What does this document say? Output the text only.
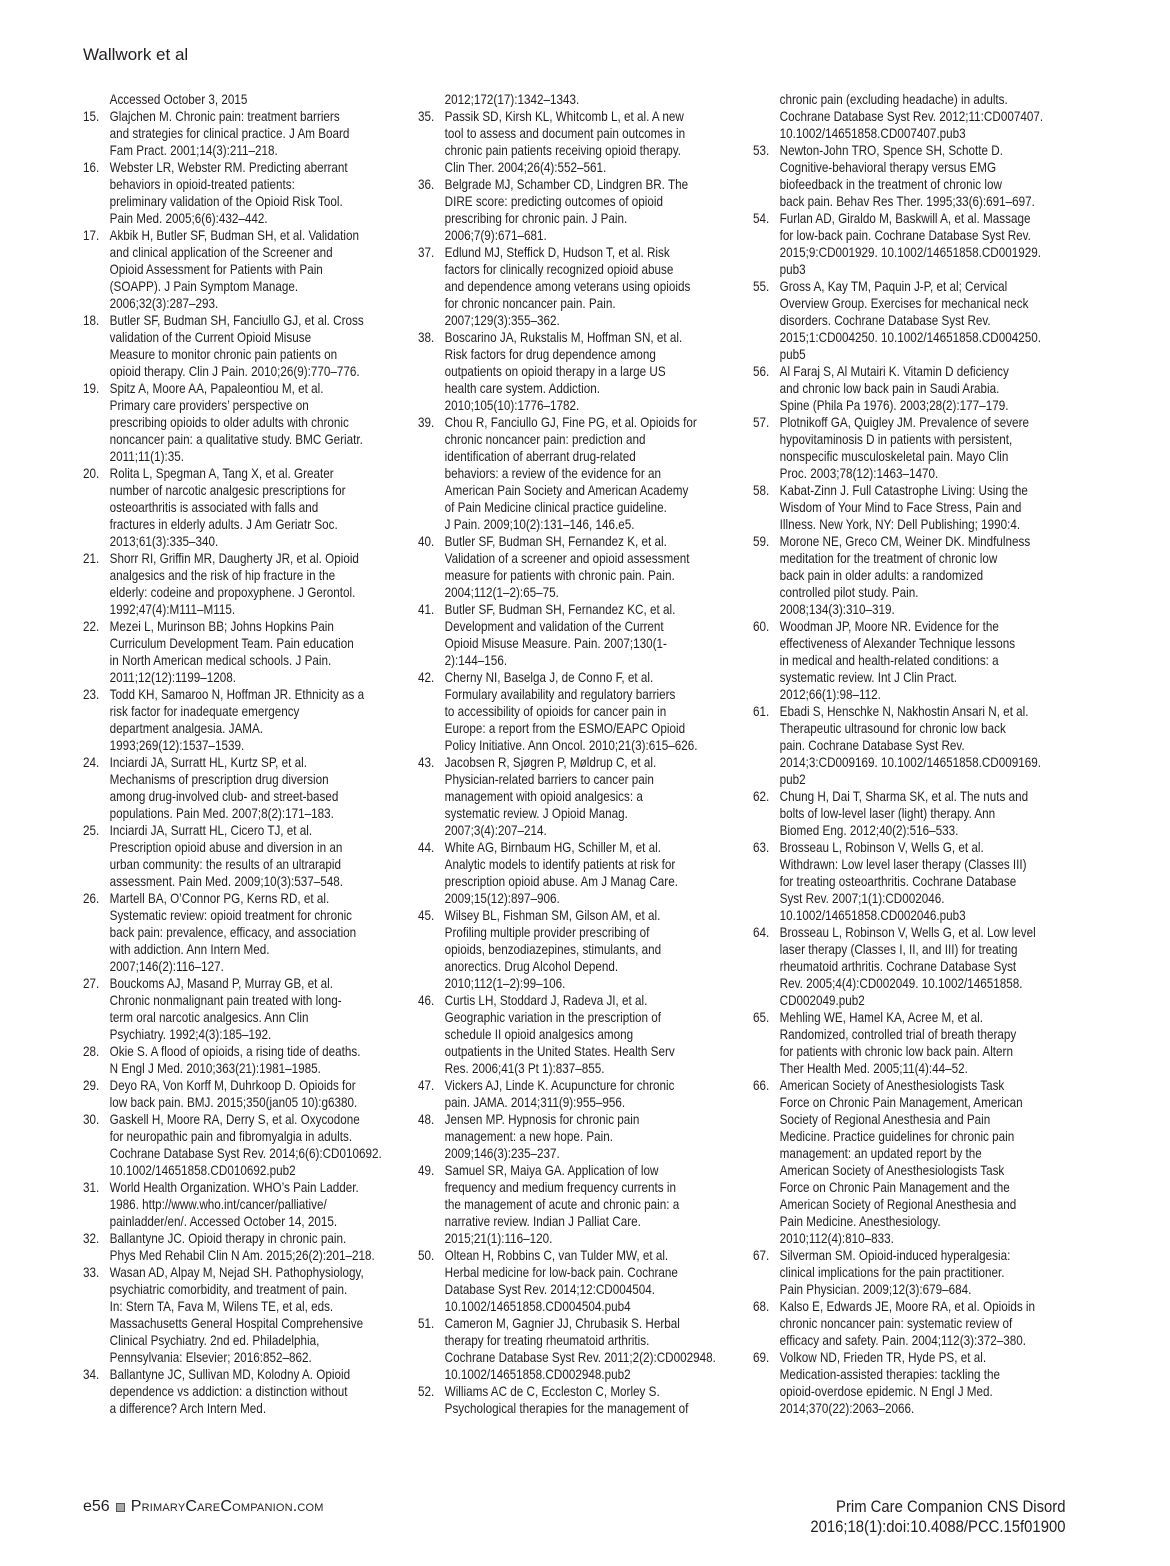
Wallwork et al
Accessed October 3, 2015
15. Glajchen M. Chronic pain: treatment barriers
and strategies for clinical practice. J Am Board
Fam Pract. 2001;14(3):211–218.
16. Webster LR, Webster RM. Predicting aberrant
behaviors in opioid-treated patients:
preliminary validation of the Opioid Risk Tool.
Pain Med. 2005;6(6):432–442.
17. Akbik H, Butler SF, Budman SH, et al. Validation
and clinical application of the Screener and
Opioid Assessment for Patients with Pain
(SOAPP). J Pain Symptom Manage.
2006;32(3):287–293.
18. Butler SF, Budman SH, Fanciullo GJ, et al. Cross
validation of the Current Opioid Misuse
Measure to monitor chronic pain patients on
opioid therapy. Clin J Pain. 2010;26(9):770–776.
19. Spitz A, Moore AA, Papaleontiou M, et al.
Primary care providers’ perspective on
prescribing opioids to older adults with chronic
noncancer pain: a qualitative study. BMC Geriatr.
2011;11(1):35.
20. Rolita L, Spegman A, Tang X, et al. Greater
number of narcotic analgesic prescriptions for
osteoarthritis is associated with falls and
fractures in elderly adults. J Am Geriatr Soc.
2013;61(3):335–340.
21. Shorr RI, Griffin MR, Daugherty JR, et al. Opioid
analgesics and the risk of hip fracture in the
elderly: codeine and propoxyphene. J Gerontol.
1992;47(4):M111–M115.
22. Mezei L, Murinson BB; Johns Hopkins Pain
Curriculum Development Team. Pain education
in North American medical schools. J Pain.
2011;12(12):1199–1208.
23. Todd KH, Samaroo N, Hoffman JR. Ethnicity as a
risk factor for inadequate emergency
department analgesia. JAMA.
1993;269(12):1537–1539.
24. Inciardi JA, Surratt HL, Kurtz SP, et al.
Mechanisms of prescription drug diversion
among drug-involved club- and street-based
populations. Pain Med. 2007;8(2):171–183.
25. Inciardi JA, Surratt HL, Cicero TJ, et al.
Prescription opioid abuse and diversion in an
urban community: the results of an ultrarapid
assessment. Pain Med. 2009;10(3):537–548.
26. Martell BA, O’Connor PG, Kerns RD, et al.
Systematic review: opioid treatment for chronic
back pain: prevalence, efficacy, and association
with addiction. Ann Intern Med.
2007;146(2):116–127.
27. Bouckoms AJ, Masand P, Murray GB, et al.
Chronic nonmalignant pain treated with long-
term oral narcotic analgesics. Ann Clin
Psychiatry. 1992;4(3):185–192.
28. Okie S. A flood of opioids, a rising tide of deaths.
N Engl J Med. 2010;363(21):1981–1985.
29. Deyo RA, Von Korff M, Duhrkoop D. Opioids for
low back pain. BMJ. 2015;350(jan05 10):g6380.
30. Gaskell H, Moore RA, Derry S, et al. Oxycodone
for neuropathic pain and fibromyalgia in adults.
Cochrane Database Syst Rev. 2014;6(6):CD010692.
10.1002/14651858.CD010692.pub2
31. World Health Organization. WHO’s Pain Ladder.
1986. http://www.who.int/cancer/palliative/
painladder/en/. Accessed October 14, 2015.
32. Ballantyne JC. Opioid therapy in chronic pain.
Phys Med Rehabil Clin N Am. 2015;26(2):201–218.
33. Wasan AD, Alpay M, Nejad SH. Pathophysiology,
psychiatric comorbidity, and treatment of pain.
In: Stern TA, Fava M, Wilens TE, et al, eds.
Massachusetts General Hospital Comprehensive
Clinical Psychiatry. 2nd ed. Philadelphia,
Pennsylvania: Elsevier; 2016:852–862.
34. Ballantyne JC, Sullivan MD, Kolodny A. Opioid
dependence vs addiction: a distinction without
a difference? Arch Intern Med.
2012;172(17):1342–1343.
35. Passik SD, Kirsh KL, Whitcomb L, et al. A new
tool to assess and document pain outcomes in
chronic pain patients receiving opioid therapy.
Clin Ther. 2004;26(4):552–561.
36. Belgrade MJ, Schamber CD, Lindgren BR. The
DIRE score: predicting outcomes of opioid
prescribing for chronic pain. J Pain.
2006;7(9):671–681.
37. Edlund MJ, Steffick D, Hudson T, et al. Risk
factors for clinically recognized opioid abuse
and dependence among veterans using opioids
for chronic noncancer pain. Pain.
2007;129(3):355–362.
38. Boscarino JA, Rukstalis M, Hoffman SN, et al.
Risk factors for drug dependence among
outpatients on opioid therapy in a large US
health care system. Addiction.
2010;105(10):1776–1782.
39. Chou R, Fanciullo GJ, Fine PG, et al. Opioids for
chronic noncancer pain: prediction and
identification of aberrant drug-related
behaviors: a review of the evidence for an
American Pain Society and American Academy
of Pain Medicine clinical practice guideline.
J Pain. 2009;10(2):131–146, 146.e5.
40. Butler SF, Budman SH, Fernandez K, et al.
Validation of a screener and opioid assessment
measure for patients with chronic pain. Pain.
2004;112(1–2):65–75.
41. Butler SF, Budman SH, Fernandez KC, et al.
Development and validation of the Current
Opioid Misuse Measure. Pain. 2007;130(1-
2):144–156.
42. Cherny NI, Baselga J, de Conno F, et al.
Formulary availability and regulatory barriers
to accessibility of opioids for cancer pain in
Europe: a report from the ESMO/EAPC Opioid
Policy Initiative. Ann Oncol. 2010;21(3):615–626.
43. Jacobsen R, Sjøgren P, Møldrup C, et al.
Physician-related barriers to cancer pain
management with opioid analgesics: a
systematic review. J Opioid Manag.
2007;3(4):207–214.
44. White AG, Birnbaum HG, Schiller M, et al.
Analytic models to identify patients at risk for
prescription opioid abuse. Am J Manag Care.
2009;15(12):897–906.
45. Wilsey BL, Fishman SM, Gilson AM, et al.
Profiling multiple provider prescribing of
opioids, benzodiazepines, stimulants, and
anorectics. Drug Alcohol Depend.
2010;112(1–2):99–106.
46. Curtis LH, Stoddard J, Radeva JI, et al.
Geographic variation in the prescription of
schedule II opioid analgesics among
outpatients in the United States. Health Serv
Res. 2006;41(3 Pt 1):837–855.
47. Vickers AJ, Linde K. Acupuncture for chronic
pain. JAMA. 2014;311(9):955–956.
48. Jensen MP. Hypnosis for chronic pain
management: a new hope. Pain.
2009;146(3):235–237.
49. Samuel SR, Maiya GA. Application of low
frequency and medium frequency currents in
the management of acute and chronic pain: a
narrative review. Indian J Palliat Care.
2015;21(1):116–120.
50. Oltean H, Robbins C, van Tulder MW, et al.
Herbal medicine for low-back pain. Cochrane
Database Syst Rev. 2014;12:CD004504.
10.1002/14651858.CD004504.pub4
51. Cameron M, Gagnier JJ, Chrubasik S. Herbal
therapy for treating rheumatoid arthritis.
Cochrane Database Syst Rev. 2011;2(2):CD002948.
10.1002/14651858.CD002948.pub2
52. Williams AC de C, Eccleston C, Morley S.
Psychological therapies for the management of
chronic pain (excluding headache) in adults.
Cochrane Database Syst Rev. 2012;11:CD007407.
10.1002/14651858.CD007407.pub3
53. Newton-John TRO, Spence SH, Schotte D.
Cognitive-behavioral therapy versus EMG
biofeedback in the treatment of chronic low
back pain. Behav Res Ther. 1995;33(6):691–697.
54. Furlan AD, Giraldo M, Baskwill A, et al. Massage
for low-back pain. Cochrane Database Syst Rev.
2015;9:CD001929. 10.1002/14651858.CD001929.
pub3
55. Gross A, Kay TM, Paquin J-P, et al; Cervical
Overview Group. Exercises for mechanical neck
disorders. Cochrane Database Syst Rev.
2015;1:CD004250. 10.1002/14651858.CD004250.
pub5
56. Al Faraj S, Al Mutairi K. Vitamin D deficiency
and chronic low back pain in Saudi Arabia.
Spine (Phila Pa 1976). 2003;28(2):177–179.
57. Plotnikoff GA, Quigley JM. Prevalence of severe
hypovitaminosis D in patients with persistent,
nonspecific musculoskeletal pain. Mayo Clin
Proc. 2003;78(12):1463–1470.
58. Kabat-Zinn J. Full Catastrophe Living: Using the
Wisdom of Your Mind to Face Stress, Pain and
Illness. New York, NY: Dell Publishing; 1990:4.
59. Morone NE, Greco CM, Weiner DK. Mindfulness
meditation for the treatment of chronic low
back pain in older adults: a randomized
controlled pilot study. Pain.
2008;134(3):310–319.
60. Woodman JP, Moore NR. Evidence for the
effectiveness of Alexander Technique lessons
in medical and health-related conditions: a
systematic review. Int J Clin Pract.
2012;66(1):98–112.
61. Ebadi S, Henschke N, Nakhostin Ansari N, et al.
Therapeutic ultrasound for chronic low back
pain. Cochrane Database Syst Rev.
2014;3:CD009169. 10.1002/14651858.CD009169.
pub2
62. Chung H, Dai T, Sharma SK, et al. The nuts and
bolts of low-level laser (light) therapy. Ann
Biomed Eng. 2012;40(2):516–533.
63. Brosseau L, Robinson V, Wells G, et al.
Withdrawn: Low level laser therapy (Classes III)
for treating osteoarthritis. Cochrane Database
Syst Rev. 2007;1(1):CD002046.
10.1002/14651858.CD002046.pub3
64. Brosseau L, Robinson V, Wells G, et al. Low level
laser therapy (Classes I, II, and III) for treating
rheumatoid arthritis. Cochrane Database Syst
Rev. 2005;4(4):CD002049. 10.1002/14651858.
CD002049.pub2
65. Mehling WE, Hamel KA, Acree M, et al.
Randomized, controlled trial of breath therapy
for patients with chronic low back pain. Altern
Ther Health Med. 2005;11(4):44–52.
66. American Society of Anesthesiologists Task
Force on Chronic Pain Management, American
Society of Regional Anesthesia and Pain
Medicine. Practice guidelines for chronic pain
management: an updated report by the
American Society of Anesthesiologists Task
Force on Chronic Pain Management and the
American Society of Regional Anesthesia and
Pain Medicine. Anesthesiology.
2010;112(4):810–833.
67. Silverman SM. Opioid-induced hyperalgesia:
clinical implications for the pain practitioner.
Pain Physician. 2009;12(3):679–684.
68. Kalso E, Edwards JE, Moore RA, et al. Opioids in
chronic noncancer pain: systematic review of
efficacy and safety. Pain. 2004;112(3):372–380.
69. Volkow ND, Frieden TR, Hyde PS, et al.
Medication-assisted therapies: tackling the
opioid-overdose epidemic. N Engl J Med.
2014;370(22):2063–2066.
e56 PrimaryCareCompanion.com	Prim Care Companion CNS Disord
2016;18(1):doi:10.4088/PCC.15f01900
